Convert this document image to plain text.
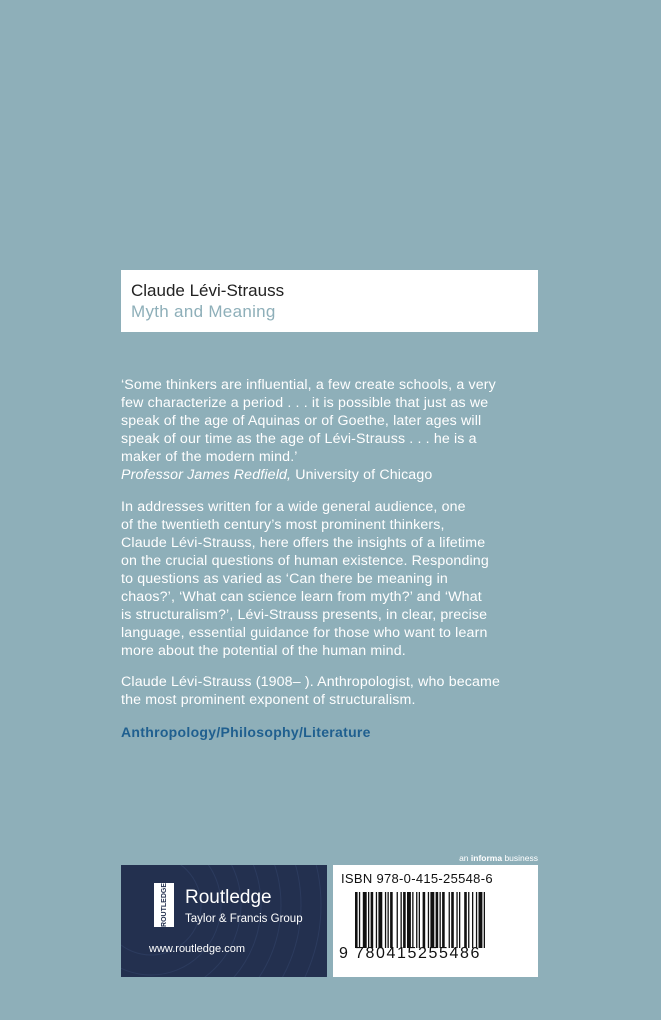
Claude Lévi-Strauss
Myth and Meaning

‘Some thinkers are influential, a few create schools, a very

few characterize a period . . . it is possible that just as we

speak of the age of Aquinas or of Goethe, later ages will

speak of our time as the age of Lévi-Strauss . . . he is a

maker of the modern mind.’

Professor James Redfield, University of Chicago

In addresses written for a wide general audience, one

of the twentieth century’s most prominent thinkers,

Claude Lévi-Strauss, here offers the insights of a lifetime

on the crucial questions of human existence. Responding

to questions as varied as ‘Can there be meaning in

chaos?’, ‘What can science learn from myth?’ and ‘What

is structuralism?’, Lévi-Strauss presents, in clear, precise

language, essential guidance for those who want to learn

more about the potential of the human mind.

Claude Lévi-Strauss (1908– ). Anthropologist, who became

the most prominent exponent of structuralism.

Anthropology/Philosophy/Literature
an informa business
ROUTLEDGE Routledge
Taylor & Francis Group
www.routledge.com
ISBN 978-0-415-25548-6
9 780415255486
